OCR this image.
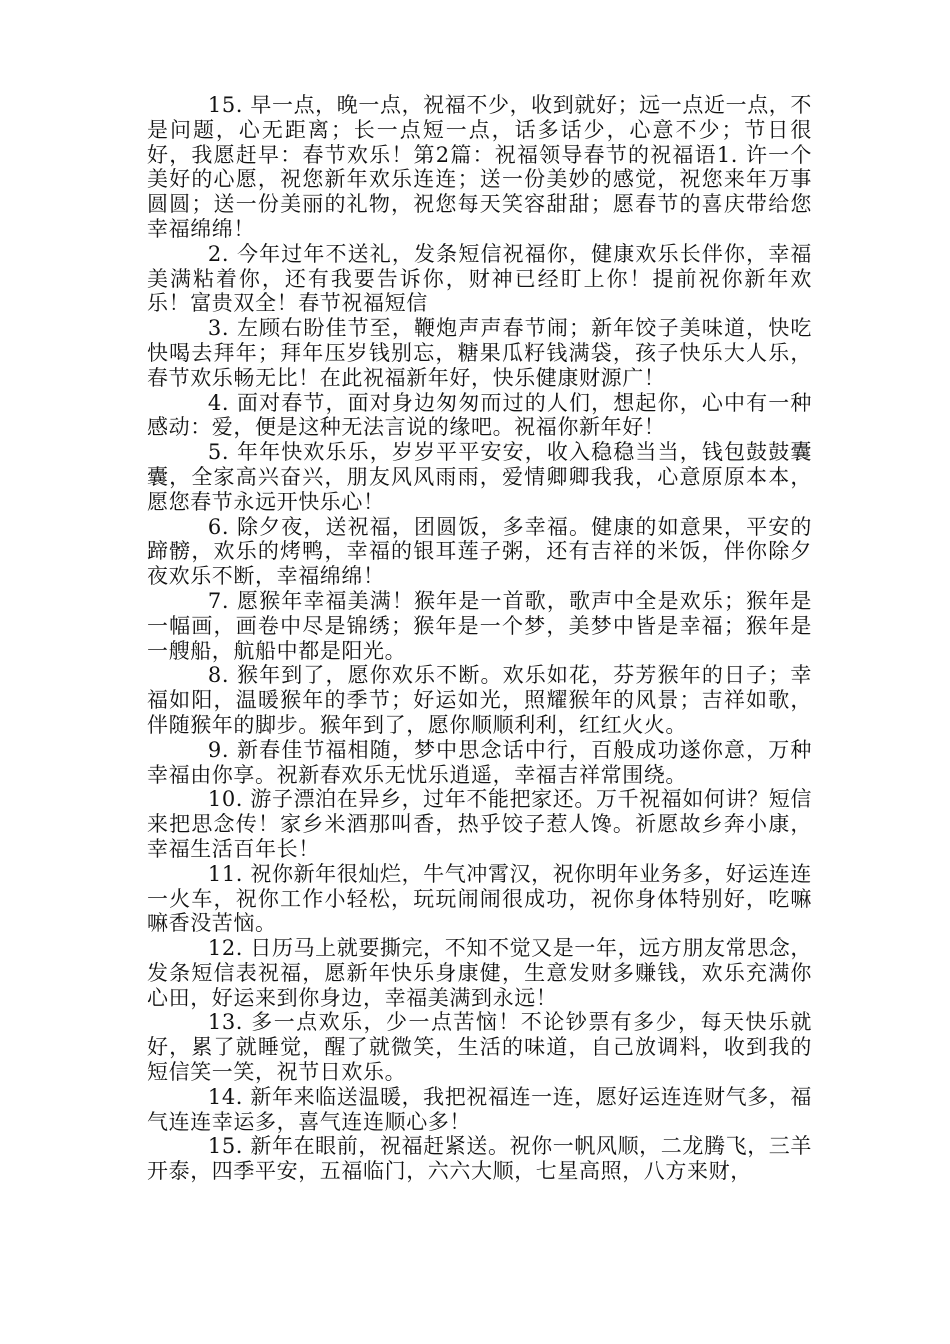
15. 早一点，晚一点，祝福不少，收到就好；远一点近一点，不是问题，心无距离；长一点短一点，话多话少，心意不少；节日很好，我愿赶早：春节欢乐！第2篇：祝福领导春节的祝福语1. 许一个美好的心愿，祝您新年欢乐连连；送一份美妙的感觉，祝您来年万事圆圆；送一份美丽的礼物，祝您每天笑容甜甜；愿春节的喜庆带给您幸福绵绵！

2. 今年过年不送礼，发条短信祝福你，健康欢乐长伴你，幸福美满粘着你，还有我要告诉你，财神已经盯上你！提前祝你新年欢乐！富贵双全！春节祝福短信

3. 左顾右盼佳节至，鞭炮声声春节闹；新年饺子美味道，快吃快喝去拜年；拜年压岁钱别忘，糖果瓜籽钱满袋，孩子快乐大人乐，春节欢乐畅无比！在此祝福新年好，快乐健康财源广！

4. 面对春节，面对身边匆匆而过的人们，想起你，心中有一种感动：爱，便是这种无法言说的缘吧。祝福你新年好！

5. 年年快欢乐乐，岁岁平平安安，收入稳稳当当，钱包鼓鼓囊囊，全家高兴奋兴，朋友风风雨雨，爱情卿卿我我，心意原原本本，愿您春节永远开快乐心！

6. 除夕夜，送祝福，团圆饭，多幸福。健康的如意果，平安的蹄髈，欢乐的烤鸭，幸福的银耳莲子粥，还有吉祥的米饭，伴你除夕夜欢乐不断，幸福绵绵！

7. 愿猴年幸福美满！猴年是一首歌，歌声中全是欢乐；猴年是一幅画，画卷中尽是锦绣；猴年是一个梦，美梦中皆是幸福；猴年是一艘船，航船中都是阳光。

8. 猴年到了，愿你欢乐不断。欢乐如花，芬芳猴年的日子；幸福如阳，温暖猴年的季节；好运如光，照耀猴年的风景；吉祥如歌，伴随猴年的脚步。猴年到了，愿你顺顺利利，红红火火。

9. 新春佳节福相随，梦中思念话中行，百般成功遂你意，万种幸福由你享。祝新春欢乐无忧乐逍遥，幸福吉祥常围绕。

10. 游子漂泊在异乡，过年不能把家还。万千祝福如何讲？短信来把思念传！家乡米酒那叫香，热乎饺子惹人馋。祈愿故乡奔小康，幸福生活百年长！

11. 祝你新年很灿烂，牛气冲霄汉，祝你明年业务多，好运连连一火车，祝你工作小轻松，玩玩闹闹很成功，祝你身体特别好，吃嘛嘛香没苦恼。

12. 日历马上就要撕完，不知不觉又是一年，远方朋友常思念，发条短信表祝福，愿新年快乐身康健，生意发财多赚钱，欢乐充满你心田，好运来到你身边，幸福美满到永远！

13. 多一点欢乐，少一点苦恼！不论钞票有多少，每天快乐就好，累了就睡觉，醒了就微笑，生活的味道，自己放调料，收到我的短信笑一笑，祝节日欢乐。

14. 新年来临送温暖，我把祝福连一连，愿好运连连财气多，福气连连幸运多，喜气连连顺心多！

15. 新年在眼前，祝福赶紧送。祝你一帆风顺，二龙腾飞，三羊开泰，四季平安，五福临门，六六大顺，七星高照，八方来财，
